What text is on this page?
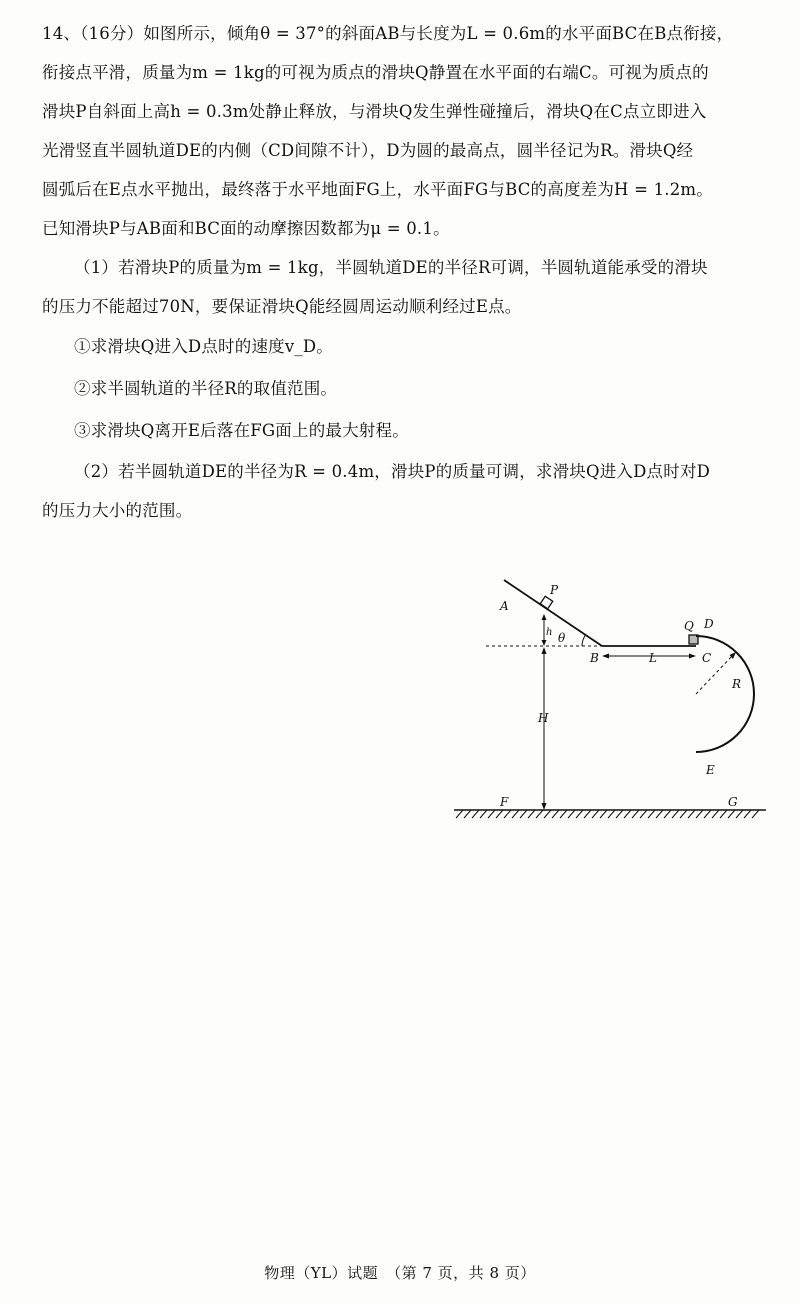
14、（16分）如图所示，倾角θ = 37°的斜面AB与长度为L = 0.6m的水平面BC在B点衔接，

衔接点平滑，质量为m = 1kg的可视为质点的滑块Q静置在水平面的右端C。可视为质点的

滑块P自斜面上高h = 0.3m处静止释放，与滑块Q发生弹性碰撞后，滑块Q在C点立即进入

光滑竖直半圆轨道DE的内侧（CD间隙不计），D为圆的最高点，圆半径记为R。滑块Q经

圆弧后在E点水平抛出，最终落于水平地面FG上，水平面FG与BC的高度差为H = 1.2m。

已知滑块P与AB面和BC面的动摩擦因数都为μ = 0.1。

（1）若滑块P的质量为m = 1kg，半圆轨道DE的半径R可调，半圆轨道能承受的滑块

的压力不能超过70N，要保证滑块Q能经圆周运动顺利经过E点。

①求滑块Q进入D点时的速度v_D。

②求半圆轨道的半径R的取值范围。

③求滑块Q离开E后落在FG面上的最大射程。

（2）若半圆轨道DE的半径为R = 0.4m，滑块P的质量可调，求滑块Q进入D点时对D

的压力大小的范围。

A
P
h θ
B	L
Q D
C
R
H
E
F	G
物理（YL）试题　（第 7 页，共 8 页）
